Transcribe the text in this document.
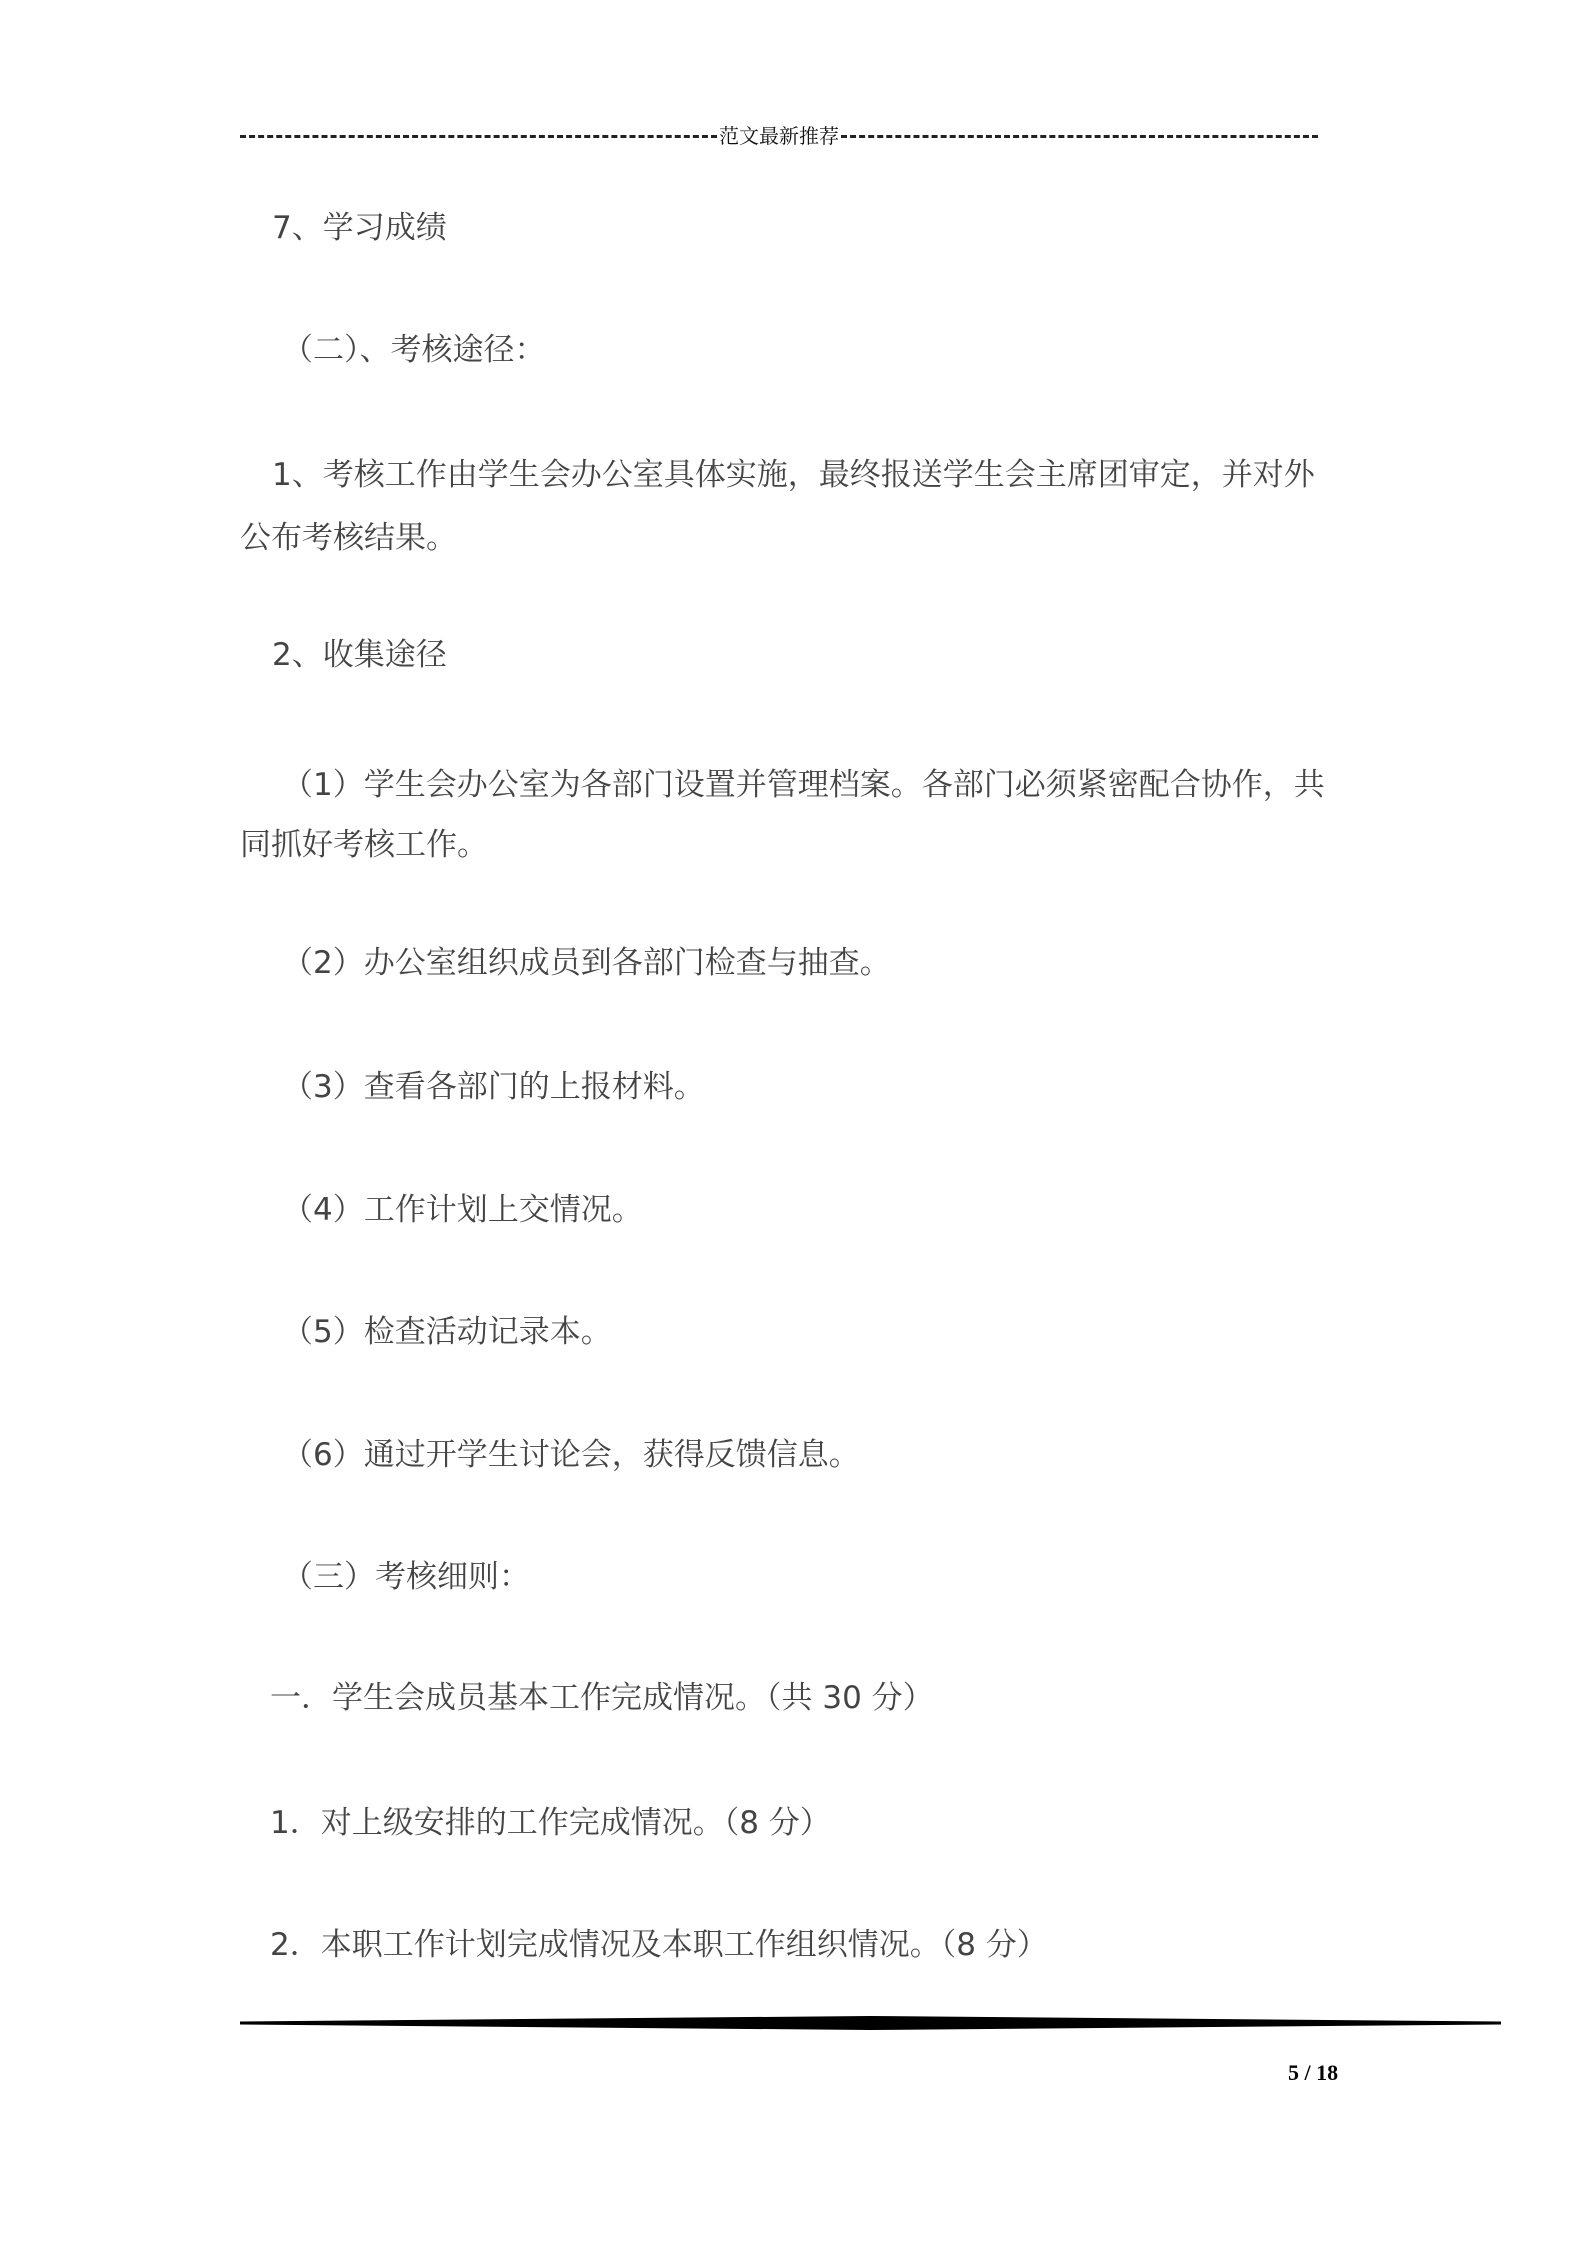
范文最新推荐
7、学习成绩
（二）、考核途径：
1、考核工作由学生会办公室具体实施，最终报送学生会主席团审定，并对外
公布考核结果。
2、收集途径
（1）学生会办公室为各部门设置并管理档案。各部门必须紧密配合协作，共
同抓好考核工作。
（2）办公室组织成员到各部门检查与抽查。
（3）查看各部门的上报材料。
（4）工作计划上交情况。
（5）检查活动记录本。
（6）通过开学生讨论会，获得反馈信息。
（三）考核细则：
一．学生会成员基本工作完成情况。（共 30 分）
1．对上级安排的工作完成情况。（8 分）
2．本职工作计划完成情况及本职工作组织情况。（8 分）
5 / 18
